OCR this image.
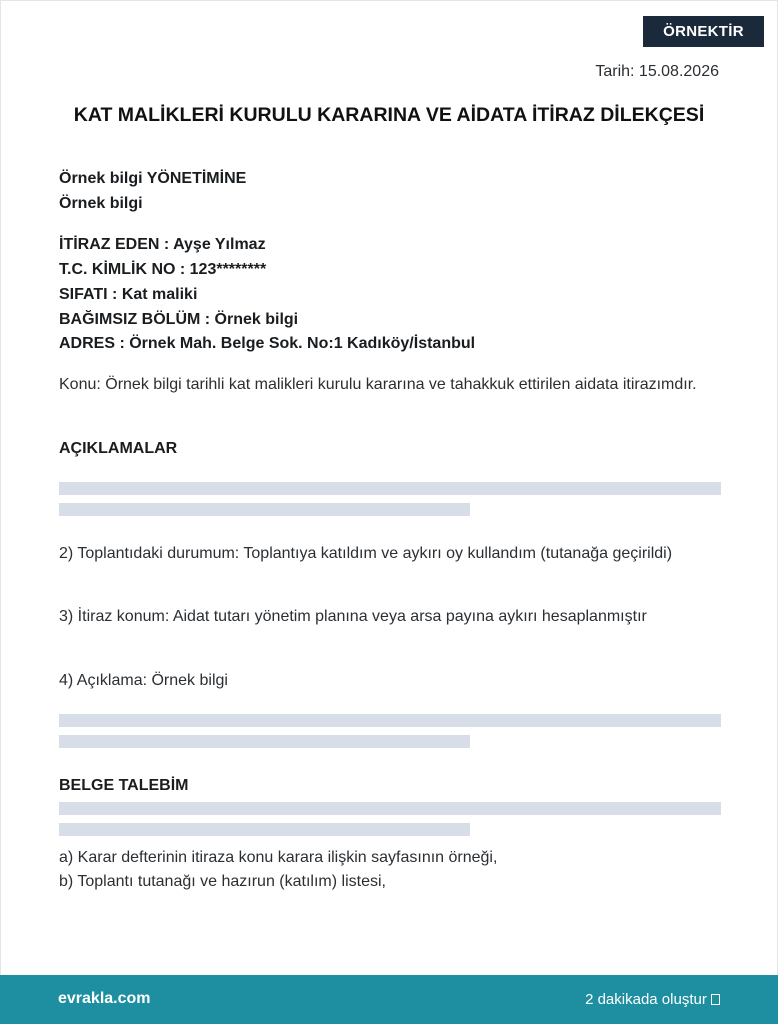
ÖRNEKTİR
Tarih: 15.08.2026
KAT MALİKLERİ KURULU KARARINA VE AİDATA İTİRAZ DİLEKÇESİ
Örnek bilgi YÖNETİMİNE
Örnek bilgi
İTİRAZ EDEN : Ayşe Yılmaz
T.C. KİMLİK NO : 123********
SIFATI : Kat maliki
BAĞIMSIZ BÖLÜM : Örnek bilgi
ADRES : Örnek Mah. Belge Sok. No:1 Kadıköy/İstanbul
Konu: Örnek bilgi tarihli kat malikleri kurulu kararına ve tahakkuk ettirilen aidata itirazımdır.
AÇIKLAMALAR
2) Toplantıdaki durumum: Toplantıya katıldım ve aykırı oy kullandım (tutanağa geçirildi)
3) İtiraz konum: Aidat tutarı yönetim planına veya arsa payına aykırı hesaplanmıştır
4) Açıklama: Örnek bilgi
BELGE TALEBİM
a) Karar defterinin itiraza konu karara ilişkin sayfasının örneği,
b) Toplantı tutanağı ve hazırun (katılım) listesi,
evrakla.com	2 dakikada oluştur
